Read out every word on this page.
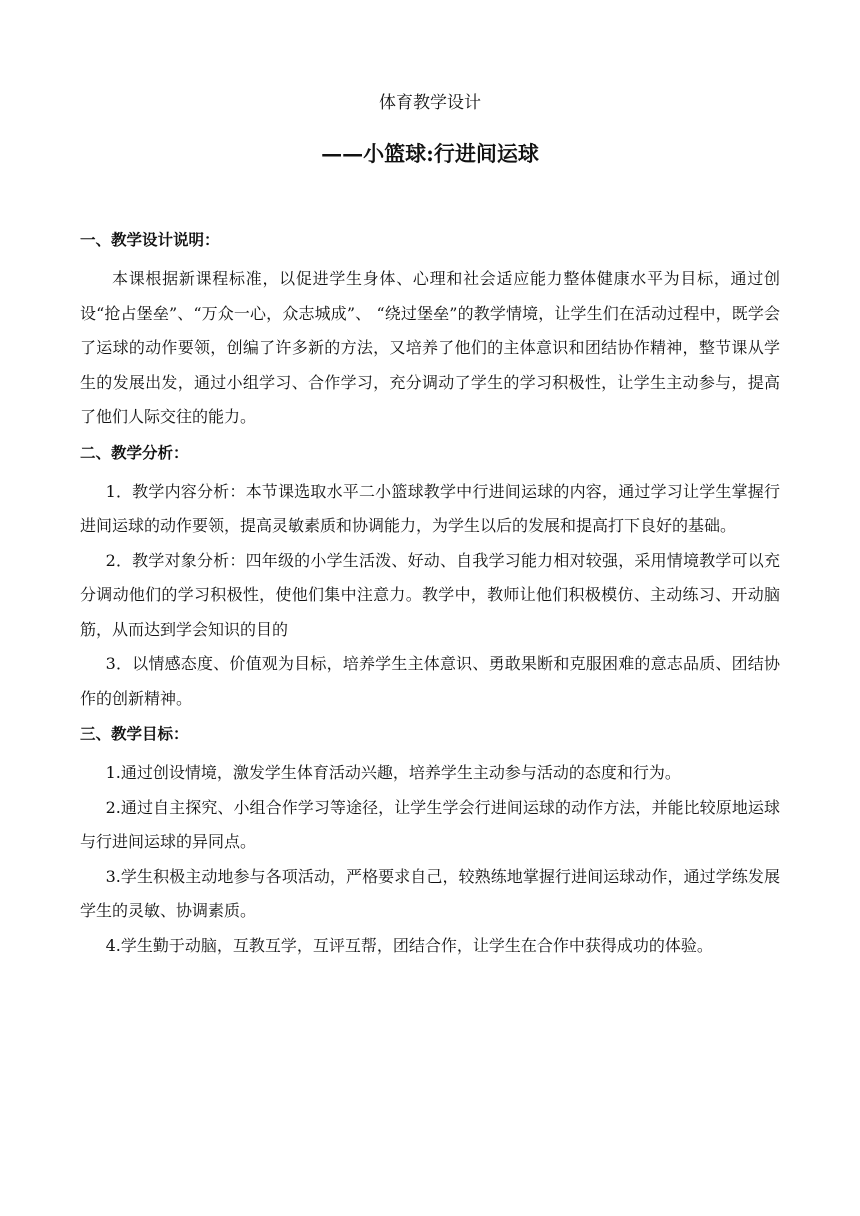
体育教学设计
——小篮球:行进间运球

一、教学设计说明：

本课根据新课程标准，以促进学生身体、心理和社会适应能力整体健康水平为目标，通过创设“抢占堡垒”、“万众一心，众志城成”、 “绕过堡垒”的教学情境，让学生们在活动过程中，既学会了运球的动作要领，创编了许多新的方法，又培养了他们的主体意识和团结协作精神，整节课从学生的发展出发，通过小组学习、合作学习，充分调动了学生的学习积极性，让学生主动参与，提高了他们人际交往的能力。

二、教学分析：

1．教学内容分析：本节课选取水平二小篮球教学中行进间运球的内容，通过学习让学生掌握行进间运球的动作要领，提高灵敏素质和协调能力，为学生以后的发展和提高打下良好的基础。

2．教学对象分析：四年级的小学生活泼、好动、自我学习能力相对较强，采用情境教学可以充分调动他们的学习积极性，使他们集中注意力。教学中，教师让他们积极模仿、主动练习、开动脑筋，从而达到学会知识的目的

3．以情感态度、价值观为目标，培养学生主体意识、勇敢果断和克服困难的意志品质、团结协作的创新精神。

三、教学目标：

1.通过创设情境，激发学生体育活动兴趣，培养学生主动参与活动的态度和行为。

2.通过自主探究、小组合作学习等途径，让学生学会行进间运球的动作方法，并能比较原地运球与行进间运球的异同点。

3.学生积极主动地参与各项活动，严格要求自己，较熟练地掌握行进间运球动作，通过学练发展学生的灵敏、协调素质。

4.学生勤于动脑，互教互学，互评互帮，团结合作，让学生在合作中获得成功的体验。
